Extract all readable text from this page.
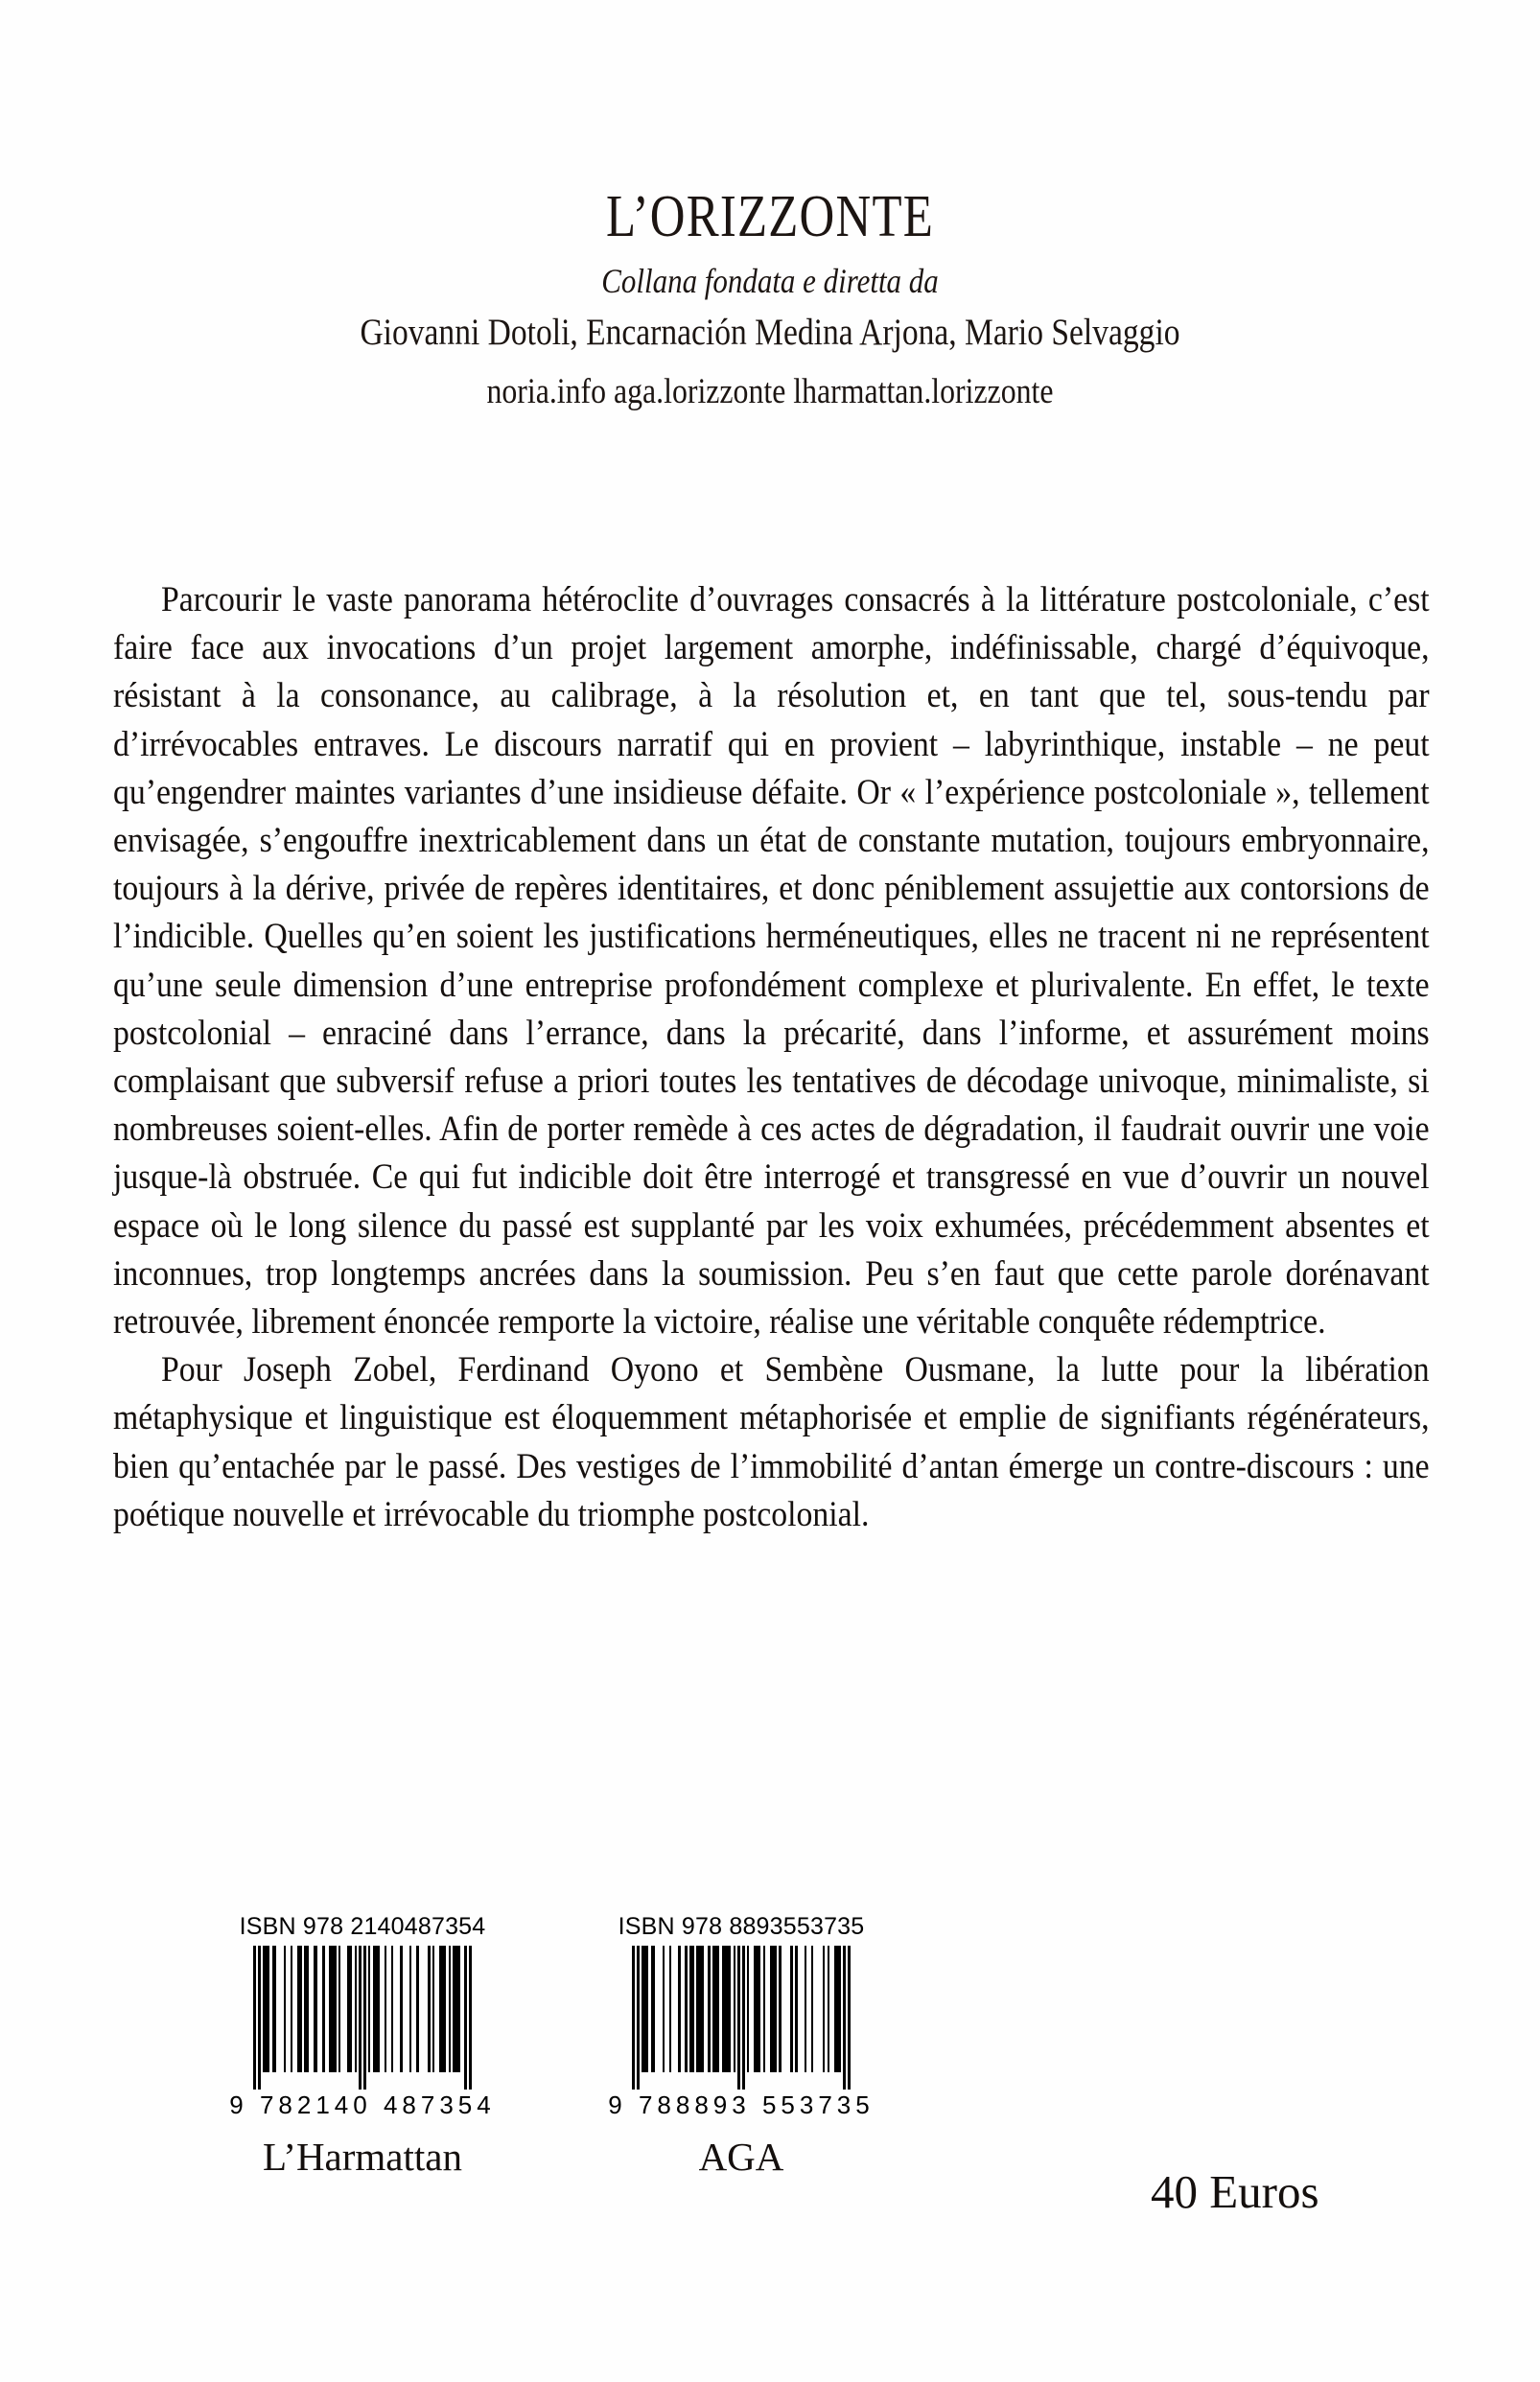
L’ORIZZONTE
Collana fondata e diretta da
Giovanni Dotoli, Encarnación Medina Arjona, Mario Selvaggio
noria.info aga.lorizzonte lharmattan.lorizzonte

Parcourir le vaste panorama hétéroclite d’ouvrages consacrés à la littérature postcoloniale, c’est faire face aux invocations d’un projet largement amorphe, indéfinissable, chargé d’équivoque, résistant à la consonance, au calibrage, à la résolution et, en tant que tel, sous-tendu par d’irrévocables entraves. Le discours narratif qui en provient – labyrinthique, instable – ne peut qu’engendrer maintes variantes d’une insidieuse défaite. Or « l’expérience postcoloniale », tellement envisagée, s’engouffre inextricablement dans un état de constante mutation, toujours embryonnaire, toujours à la dérive, privée de repères identitaires, et donc péniblement assujettie aux contorsions de l’indicible. Quelles qu’en soient les justifications herméneutiques, elles ne tracent ni ne représentent qu’une seule dimension d’une entreprise profondément complexe et plurivalente. En effet, le texte postcolonial – enraciné dans l’errance, dans la précarité, dans l’informe, et assurément moins complaisant que subversif refuse a priori toutes les tentatives de décodage univoque, minimaliste, si nombreuses soient-elles. Afin de porter remède à ces actes de dégradation, il faudrait ouvrir une voie jusque-là obstruée. Ce qui fut indicible doit être interrogé et transgressé en vue d’ouvrir un nouvel espace où le long silence du passé est supplanté par les voix exhumées, précédemment absentes et inconnues, trop longtemps ancrées dans la soumission. Peu s’en faut que cette parole dorénavant retrouvée, librement énoncée remporte la victoire, réalise une véritable conquête rédemptrice.

Pour Joseph Zobel, Ferdinand Oyono et Sembène Ousmane, la lutte pour la libération métaphysique et linguistique est éloquemment métaphorisée et emplie de signifiants régénérateurs, bien qu’entachée par le passé. Des vestiges de l’immobilité d’antan émerge un contre-discours : une poétique nouvelle et irrévocable du triomphe postcolonial.

ISBN 978 2140487354
9 782140 487354
L’Harmattan
ISBN 978 8893553735
9 788893 553735
AGA
40 Euros
